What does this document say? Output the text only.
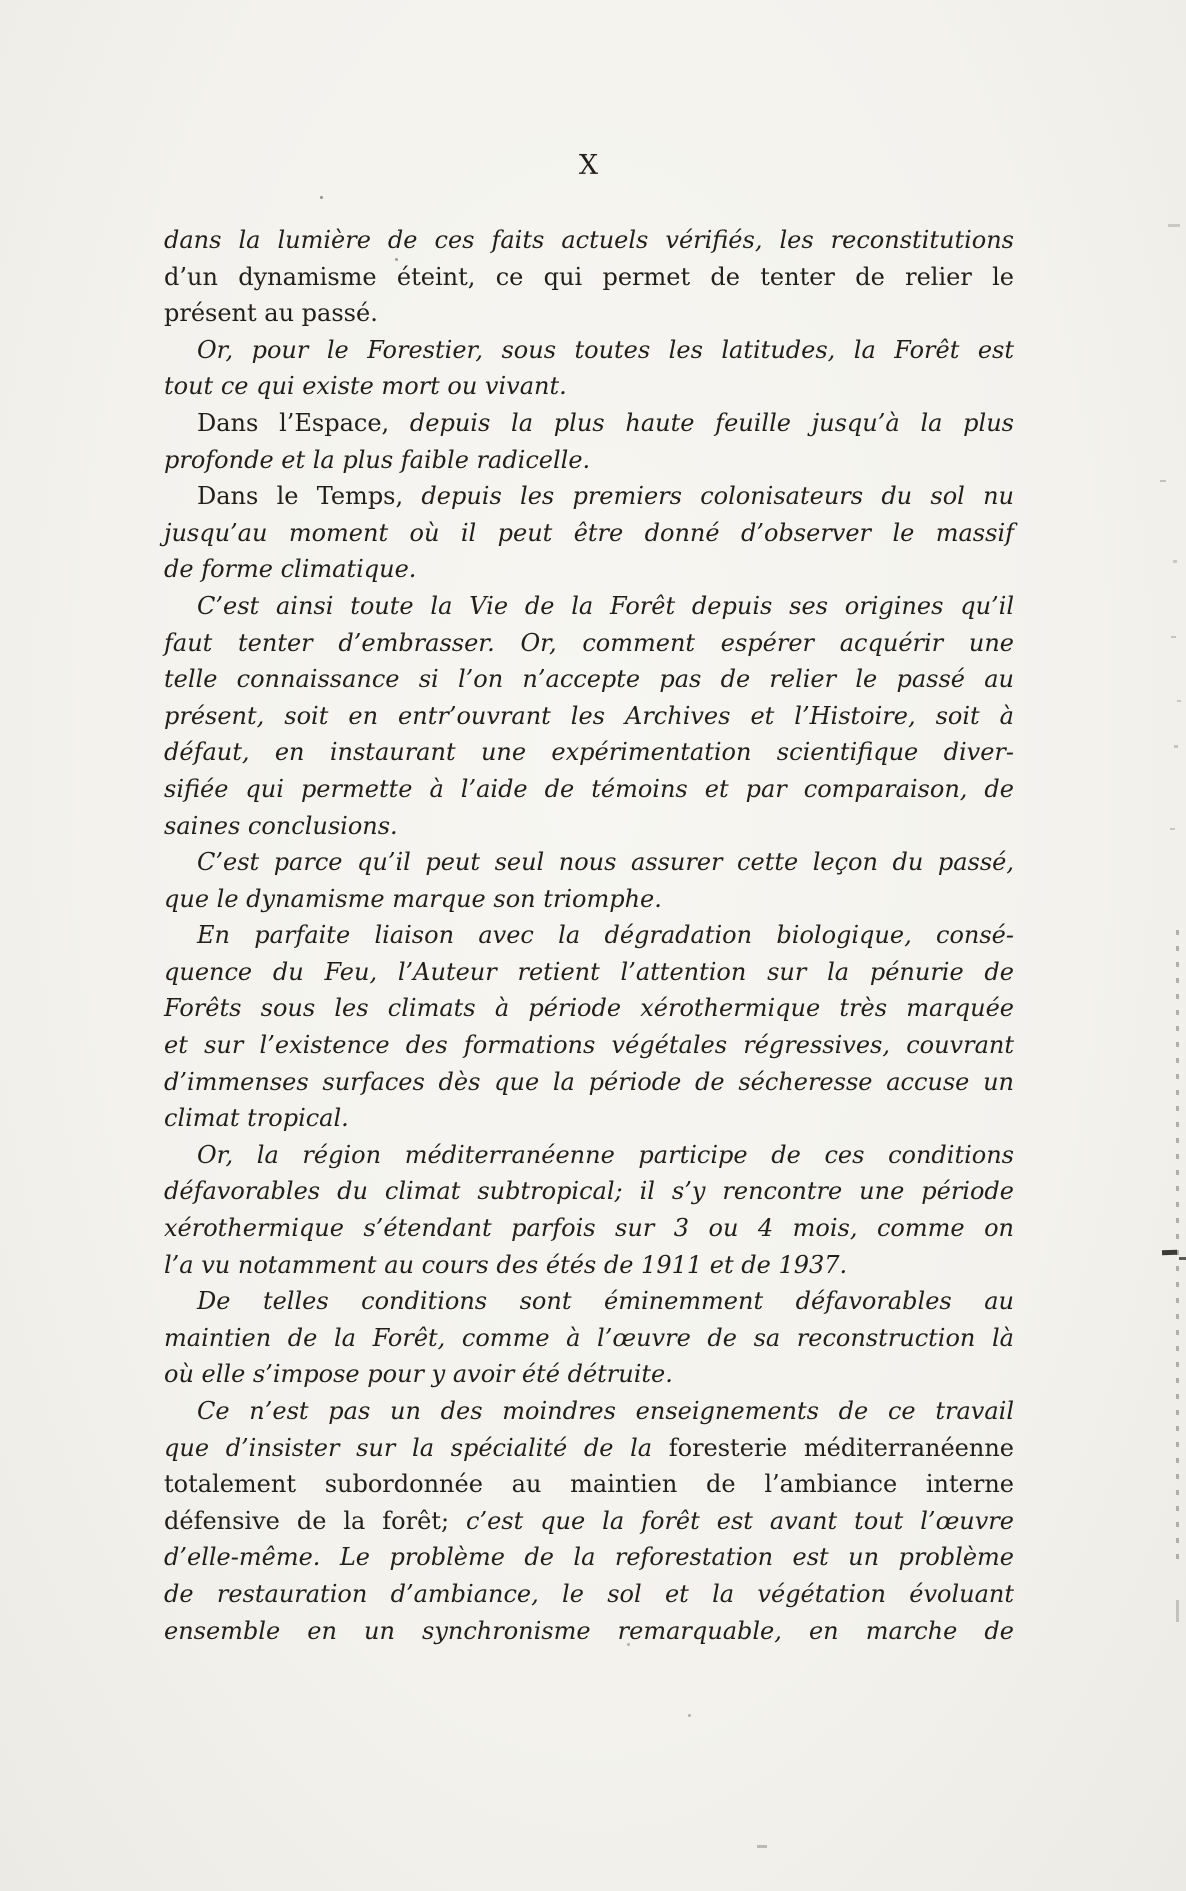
X
dans la lumière de ces faits actuels vérifiés, les reconstitutions
d’un dynamisme éteint, ce qui permet de tenter de relier le
présent au passé.
Or, pour le Forestier, sous toutes les latitudes, la Forêt est
tout ce qui existe mort ou vivant.
Dans l’Espace, depuis la plus haute feuille jusqu’à la plus
profonde et la plus faible radicelle.
Dans le Temps, depuis les premiers colonisateurs du sol nu
jusqu’au moment où il peut être donné d’observer le massif
de forme climatique.
C’est ainsi toute la Vie de la Forêt depuis ses origines qu’il
faut tenter d’embrasser. Or, comment espérer acquérir une
telle connaissance si l’on n’accepte pas de relier le passé au
présent, soit en entr’ouvrant les Archives et l’Histoire, soit à
défaut, en instaurant une expérimentation scientifique diver-
sifiée qui permette à l’aide de témoins et par comparaison, de
saines conclusions.
C’est parce qu’il peut seul nous assurer cette leçon du passé,
que le dynamisme marque son triomphe.
En parfaite liaison avec la dégradation biologique, consé-
quence du Feu, l’Auteur retient l’attention sur la pénurie de
Forêts sous les climats à période xérothermique très marquée
et sur l’existence des formations végétales régressives, couvrant
d’immenses surfaces dès que la période de sécheresse accuse un
climat tropical.
Or, la région méditerranéenne participe de ces conditions
défavorables du climat subtropical; il s’y rencontre une période
xérothermique s’étendant parfois sur 3 ou 4 mois, comme on
l’a vu notamment au cours des étés de 1911 et de 1937.
De telles conditions sont éminemment défavorables au
maintien de la Forêt, comme à l’œuvre de sa reconstruction là
où elle s’impose pour y avoir été détruite.
Ce n’est pas un des moindres enseignements de ce travail
que d’insister sur la spécialité de la foresterie méditerranéenne
totalement subordonnée au maintien de l’ambiance interne
défensive de la forêt; c’est que la forêt est avant tout l’œuvre
d’elle-même. Le problème de la reforestation est un problème
de restauration d’ambiance, le sol et la végétation évoluant
ensemble en un synchronisme remarquable, en marche de
